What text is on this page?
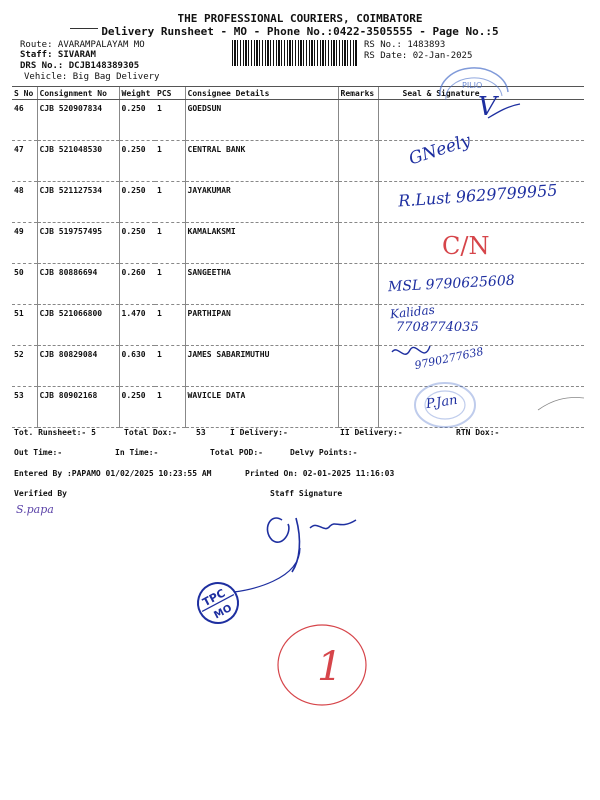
THE PROFESSIONAL COURIERS, COIMBATORE
Delivery Runsheet - MO - Phone No.:0422-3505555 - Page No.:5
Route: AVARAMPALAYAM MO
Staff: SIVARAM
DRS No.: DCJB148389305
Vehicle: Big Bag Delivery
RS No.: 1483893
RS Date: 02-Jan-2025
S No	Consignment No	Weight	PCS	Consignee Details	Remarks	Seal & Signature
46	CJB 520907834	0.250	1	GOEDSUN		
47	CJB 521048530	0.250	1	CENTRAL BANK		
48	CJB 521127534	0.250	1	JAYAKUMAR		
49	CJB 519757495	0.250	1	KAMALAKSMI		
50	CJB 80886694	0.260	1	SANGEETHA		
51	CJB 521066800	1.470	1	PARTHIPAN		
52	CJB 80829084	0.630	1	JAMES SABARIMUTHU		
53	CJB 80902168	0.250	1	WAVICLE DATA		
Tot. Runsheet:- 5	Total Dox:- 53	I Delivery:-	II Delivery:-	RTN Dox:-
Out Time:-	In Time:-	Total POD:-	Delvy Points:-
Entered By :PAPAMO 01/02/2025 10:23:55 AM	Printed On: 02-01-2025 11:16:03
Verified By	Staff Signature
V
GNeely
R.Lust 9629799955
C/N
MSL 9790625608
Kalidas
7708774035
9790277638
P.Jan
S.papa
PILIO
TPC
MO
1
